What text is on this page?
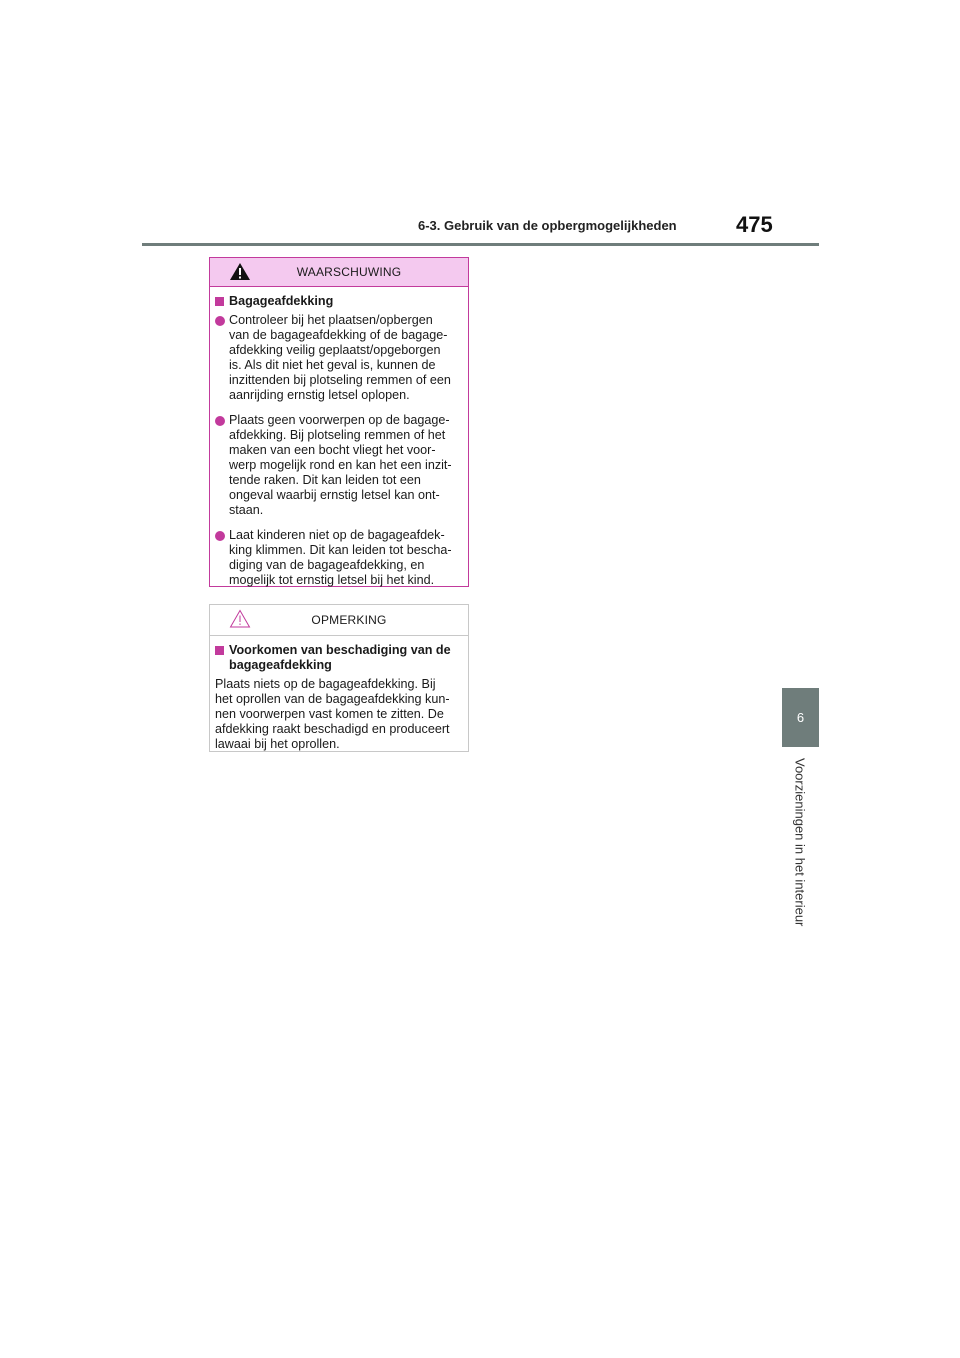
6-3. Gebruik van de opbergmogelijkheden	475
6
Voorzieningen in het interieur
WAARSCHUWING
Bagageafdekking
Controleer bij het plaatsen/opbergen
van de bagageafdekking of de bagage-
afdekking veilig geplaatst/opgeborgen
is. Als dit niet het geval is, kunnen de
inzittenden bij plotseling remmen of een
aanrijding ernstig letsel oplopen.
Plaats geen voorwerpen op de bagage-
afdekking. Bij plotseling remmen of het
maken van een bocht vliegt het voor-
werp mogelijk rond en kan het een inzit-
tende raken. Dit kan leiden tot een
ongeval waarbij ernstig letsel kan ont-
staan.
Laat kinderen niet op de bagageafdek-
king klimmen. Dit kan leiden tot bescha-
diging van de bagageafdekking, en
mogelijk tot ernstig letsel bij het kind.
OPMERKING
Voorkomen van beschadiging van de
bagageafdekking
Plaats niets op de bagageafdekking. Bij
het oprollen van de bagageafdekking kun-
nen voorwerpen vast komen te zitten. De
afdekking raakt beschadigd en produceert
lawaai bij het oprollen.
